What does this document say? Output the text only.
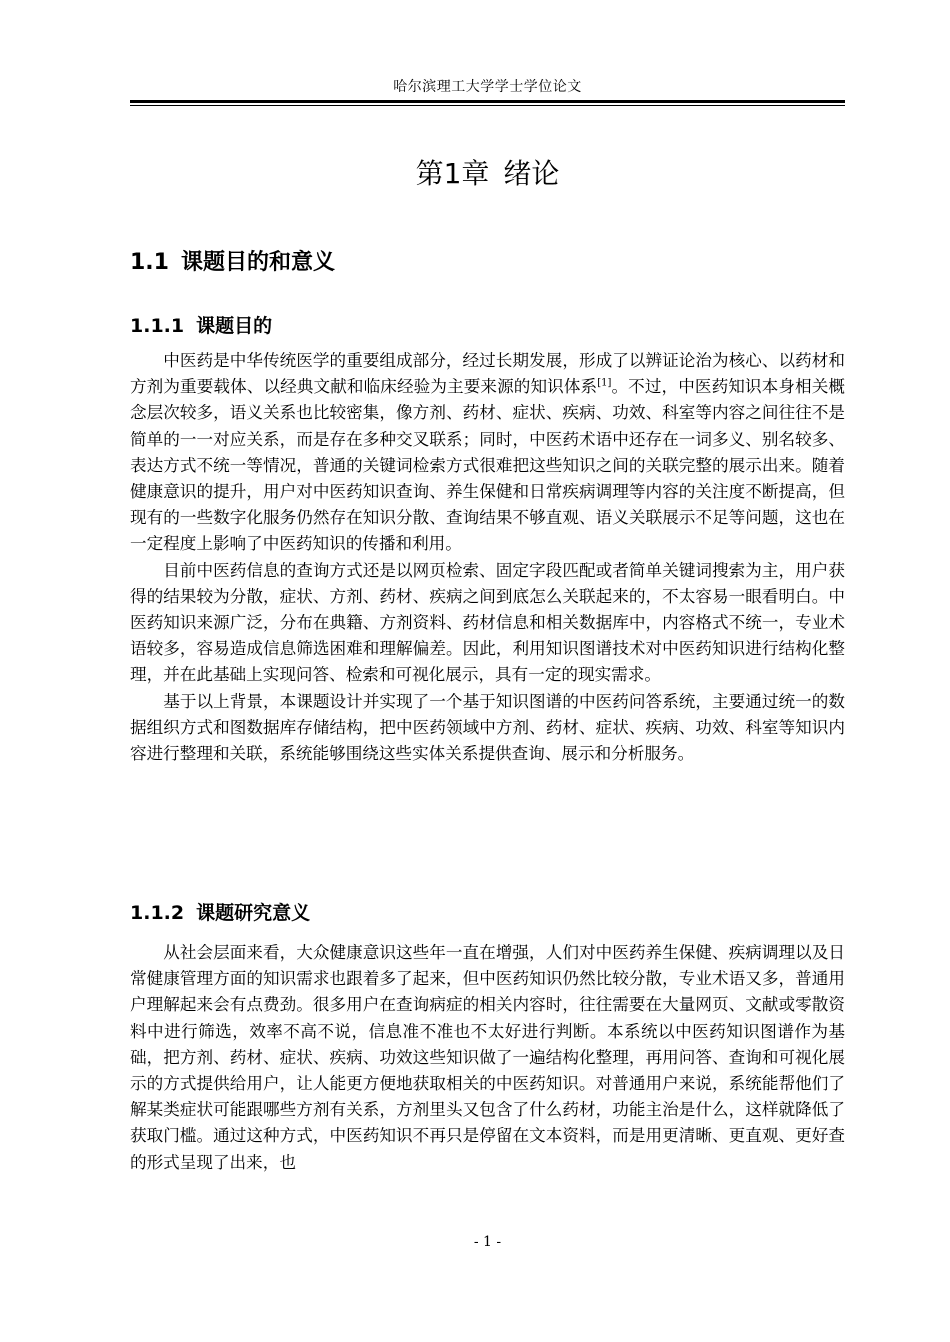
哈尔滨理工大学学士学位论文
第1章 绪论
1.1 课题目的和意义
1.1.1 课题目的

中医药是中华传统医学的重要组成部分，经过长期发展，形成了以辨证论治为核心、以药材和方剂为重要载体、以经典文献和临床经验为主要来源的知识体系[1]。不过，中医药知识本身相关概念层次较多，语义关系也比较密集，像方剂、药材、症状、疾病、功效、科室等内容之间往往不是简单的一一对应关系，而是存在多种交叉联系；同时，中医药术语中还存在一词多义、别名较多、表达方式不统一等情况，普通的关键词检索方式很难把这些知识之间的关联完整的展示出来。随着健康意识的提升，用户对中医药知识查询、养生保健和日常疾病调理等内容的关注度不断提高，但现有的一些数字化服务仍然存在知识分散、查询结果不够直观、语义关联展示不足等问题，这也在一定程度上影响了中医药知识的传播和利用。

目前中医药信息的查询方式还是以网页检索、固定字段匹配或者简单关键词搜索为主，用户获得的结果较为分散，症状、方剂、药材、疾病之间到底怎么关联起来的，不太容易一眼看明白。中医药知识来源广泛，分布在典籍、方剂资料、药材信息和相关数据库中，内容格式不统一，专业术语较多，容易造成信息筛选困难和理解偏差。因此，利用知识图谱技术对中医药知识进行结构化整理，并在此基础上实现问答、检索和可视化展示，具有一定的现实需求。

基于以上背景，本课题设计并实现了一个基于知识图谱的中医药问答系统，主要通过统一的数据组织方式和图数据库存储结构，把中医药领域中方剂、药材、症状、疾病、功效、科室等知识内容进行整理和关联，系统能够围绕这些实体关系提供查询、展示和分析服务。

1.1.2 课题研究意义

从社会层面来看，大众健康意识这些年一直在增强，人们对中医药养生保健、疾病调理以及日常健康管理方面的知识需求也跟着多了起来，但中医药知识仍然比较分散，专业术语又多，普通用户理解起来会有点费劲。很多用户在查询病症的相关内容时，往往需要在大量网页、文献或零散资料中进行筛选，效率不高不说，信息准不准也不太好进行判断。本系统以中医药知识图谱作为基础，把方剂、药材、症状、疾病、功效这些知识做了一遍结构化整理，再用问答、查询和可视化展示的方式提供给用户，让人能更方便地获取相关的中医药知识。对普通用户来说，系统能帮他们了解某类症状可能跟哪些方剂有关系，方剂里头又包含了什么药材，功能主治是什么，这样就降低了获取门槛。通过这种方式，中医药知识不再只是停留在文本资料，而是用更清晰、更直观、更好查的形式呈现了出来，也

- 1 -
